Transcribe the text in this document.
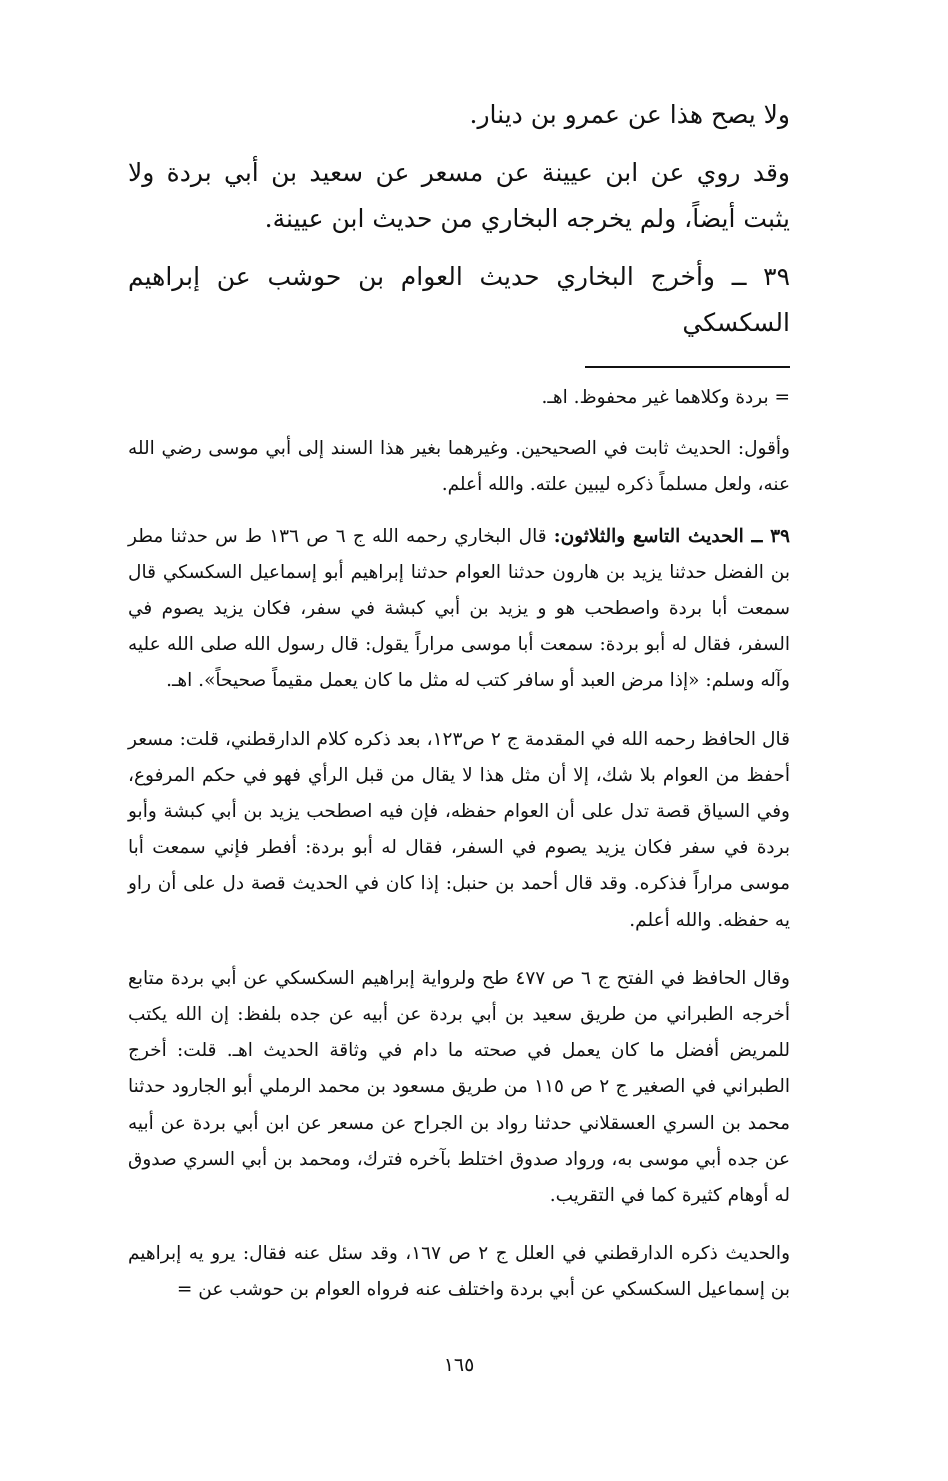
ولا يصح هذا عن عمرو بن دينار.

وقد روي عن ابن عيينة عن مسعر عن سعيد بن أبي بردة ولا يثبت أيضاً، ولم يخرجه البخاري من حديث ابن عيينة.

٣٩ ــ وأخرج البخاري حديث العوام بن حوشب عن إبراهيم السكسكي

= بردة وكلاهما غير محفوظ. اهـ.

وأقول: الحديث ثابت في الصحيحين. وغيرهما بغير هذا السند إلى أبي موسى رضي الله عنه، ولعل مسلماً ذكره ليبين علته. والله أعلم.

٣٩ ــ الحديث التاسع والثلاثون: قال البخاري رحمه الله ج ٦ ص ١٣٦ ط س حدثنا مطر بن الفضل حدثنا يزيد بن هارون حدثنا العوام حدثنا إبراهيم أبو إسماعيل السكسكي قال سمعت أبا بردة واصطحب هو و يزيد بن أبي كبشة في سفر، فكان يزيد يصوم في السفر، فقال له أبو بردة: سمعت أبا موسى مراراً يقول: قال رسول الله صلى الله عليه وآله وسلم: «إذا مرض العبد أو سافر كتب له مثل ما كان يعمل مقيماً صحيحاً». اهـ.

قال الحافظ رحمه الله في المقدمة ج ٢ ص١٢٣، بعد ذكره كلام الدارقطني، قلت: مسعر أحفظ من العوام بلا شك، إلا أن مثل هذا لا يقال من قبل الرأي فهو في حكم المرفوع، وفي السياق قصة تدل على أن العوام حفظه، فإن فيه اصطحب يزيد بن أبي كبشة وأبو بردة في سفر فكان يزيد يصوم في السفر، فقال له أبو بردة: أفطر فإني سمعت أبا موسى مراراً فذكره. وقد قال أحمد بن حنبل: إذا كان في الحديث قصة دل على أن راو يه حفظه. والله أعلم.

وقال الحافظ في الفتح ج ٦ ص ٤٧٧ طح ولرواية إبراهيم السكسكي عن أبي بردة متابع أخرجه الطبراني من طريق سعيد بن أبي بردة عن أبيه عن جده بلفظ: إن الله يكتب للمريض أفضل ما كان يعمل في صحته ما دام في وثاقة الحديث اهـ. قلت: أخرج الطبراني في الصغير ج ٢ ص ١١٥ من طريق مسعود بن محمد الرملي أبو الجارود حدثنا محمد بن السري العسقلاني حدثنا رواد بن الجراح عن مسعر عن ابن أبي بردة عن أبيه عن جده أبي موسى به، ورواد صدوق اختلط بآخره فترك، ومحمد بن أبي السري صدوق له أوهام كثيرة كما في التقريب.

والحديث ذكره الدارقطني في العلل ج ٢ ص ١٦٧، وقد سئل عنه فقال: يرو يه إبراهيم بن إسماعيل السكسكي عن أبي بردة واختلف عنه فرواه العوام بن حوشب عن =

١٦٥
